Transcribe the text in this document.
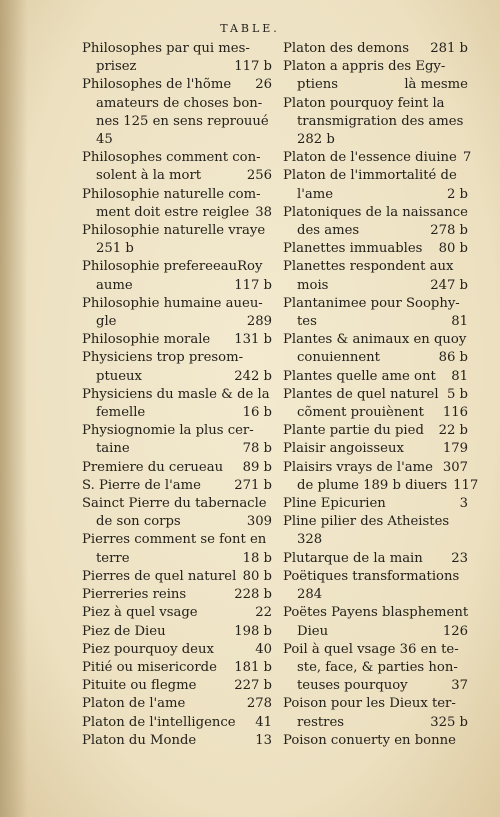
TABLE.
Philosophes par qui mes-
prisez	117 b
Philosophes de l'hõme	26
amateurs de choses bon-
nes 125 en sens reprouué
45
Philosophes comment con-
solent à la mort	256
Philosophie naturelle com-
ment doit estre reiglee 38
Philosophie naturelle vraye
251 b
Philosophie prefereeauRoy
aume	117 b
Philosophie humaine aueu-
gle	289
Philosophie morale	131 b
Physiciens trop presom-
ptueux	242 b
Physiciens du masle & de la
femelle	16 b
Physiognomie la plus cer-
taine	78 b
Premiere du cerueau	89 b
S. Pierre de l'ame	271 b
Sainct Pierre du tabernacle
de son corps	309
Pierres comment se font en
terre	18 b
Pierres de quel naturel 80 b
Pierreries reins	228 b
Piez à quel vsage	22
Piez de Dieu	198 b
Piez pourquoy deux	40
Pitié ou misericorde	181 b
Pituite ou flegme	227 b
Platon de l'ame	278
Platon de l'intelligence	41
Platon du Monde	13
Platon des demons	281 b
Platon a appris des Egy-
ptiens	là mesme
Platon pourquoy feint la
transmigration des ames
282 b
Platon de l'essence diuine 7
Platon de l'immortalité de
l'ame	2 b
Platoniques de la naissance
des ames	278 b
Planettes immuables	80 b
Planettes respondent aux
mois	247 b
Plantanimee pour Soophy-
tes	81
Plantes & animaux en quoy
conuiennent	86 b
Plantes quelle ame ont	81
Plantes de quel naturel 5 b
cõment prouiènent	116
Plante partie du pied	22 b
Plaisir angoisseux	179
Plaisirs vrays de l'ame 307
de plume 189 b diuers 117
Pline Epicurien	3
Pline pilier des Atheistes
328
Plutarque de la main	23
Poëtiques transformations
284
Poëtes Payens blasphement
Dieu	126
Poil à quel vsage 36 en te-
ste, face, & parties hon-
teuses pourquoy	37
Poison pour les Dieux ter-
restres	325 b
Poison conuerty en bonne
